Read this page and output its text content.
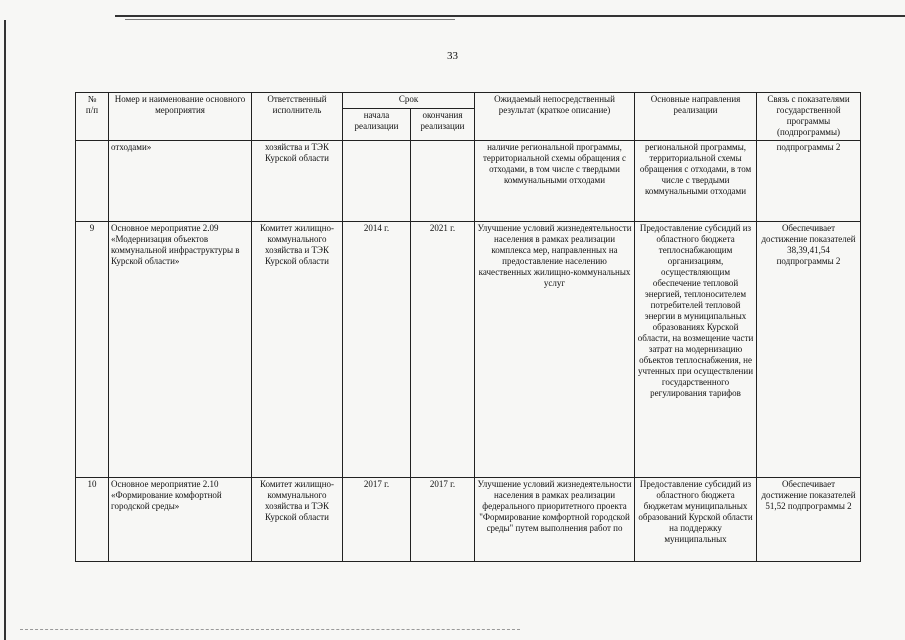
33
№
п/п	Номер и наименование основного мероприятия	Ответственный исполнитель	Срок		Ожидаемый непосредственный результат (краткое описание)	Основные направления реализации	Связь с показателями государственной программы (подпрограммы)
			начала реализации	окончания реализации			
	отходами»	хозяйства и ТЭК Курской области			наличие региональной программы, территориальной схемы обращения с отходами, в том числе с твердыми коммунальными отходами	региональной программы, территориальной схемы обращения с отходами, в том числе с твердыми коммунальными отходами	подпрограммы 2
9	Основное мероприятие 2.09 «Модернизация объектов коммунальной инфраструктуры в Курской области»	Комитет жилищно-коммунального хозяйства и ТЭК Курской области	2014 г.	2021 г.	Улучшение условий жизнедеятельности населения в рамках реализации комплекса мер, направленных на предоставление населению качественных жилищно-коммунальных услуг	Предоставление субсидий из областного бюджета теплоснабжающим организациям, осуществляющим обеспечение тепловой энергией, теплоносителем потребителей тепловой энергии в муниципальных образованиях Курской области, на возмещение части затрат на модернизацию объектов теплоснабжения, не учтенных при осуществлении государственного регулирования тарифов	Обеспечивает достижение показателей 38,39,41,54 подпрограммы 2
10	Основное мероприятие 2.10 «Формирование комфортной городской среды»	Комитет жилищно-коммунального хозяйства и ТЭК Курской области	2017 г.	2017 г.	Улучшение условий жизнедеятельности населения в рамках реализации федерального приоритетного проекта "Формирование комфортной городской среды" путем выполнения работ по	Предоставление субсидий из областного бюджета бюджетам муниципальных образований Курской области на поддержку муниципальных	Обеспечивает достижение показателей 51,52 подпрограммы 2
